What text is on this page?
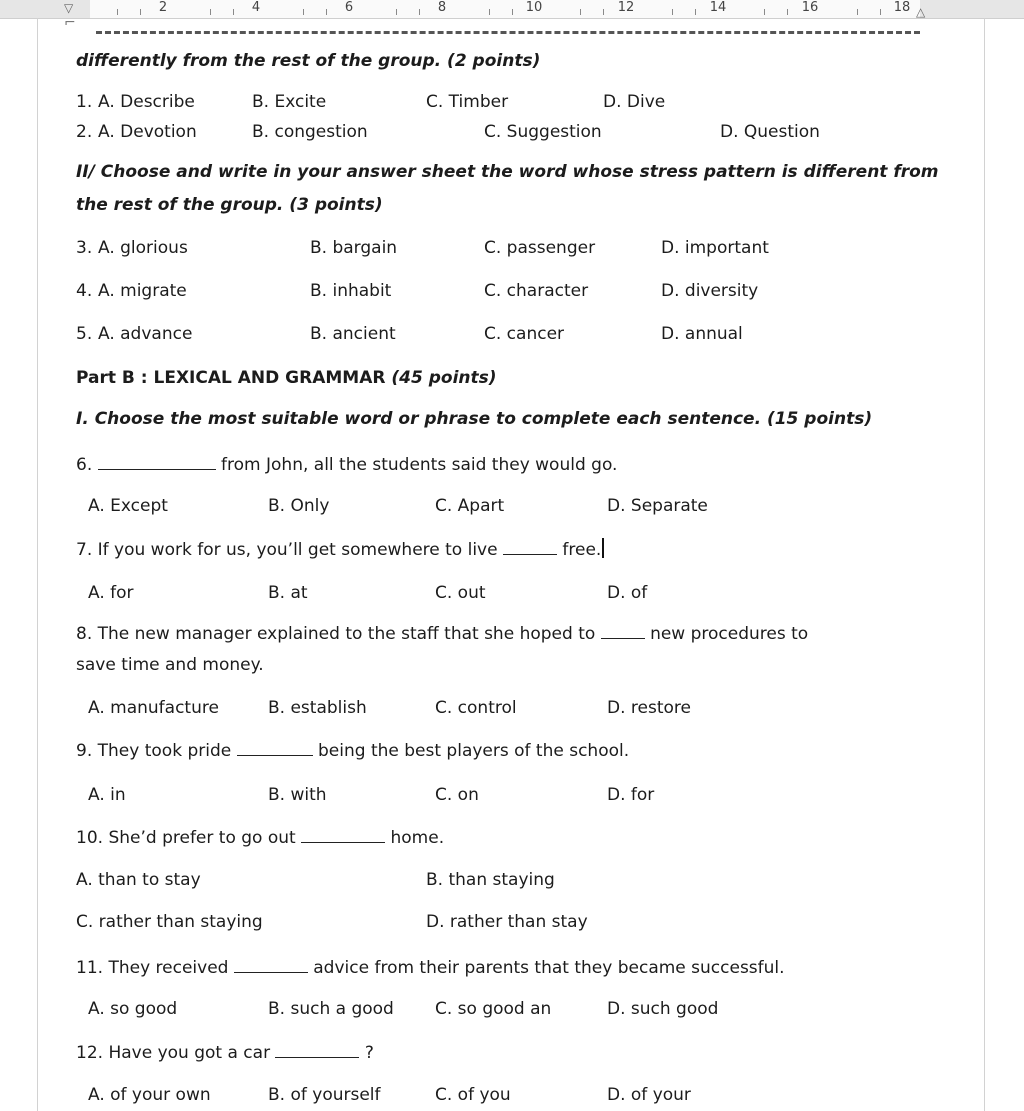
▽	△
2	4	6	8	10	12	14	16	18
⌐
differently from the rest of the group. (2 points)
1. A. Describe	B. Excite	C. Timber	D. Dive
2. A. Devotion	B. congestion	C. Suggestion	D. Question
II/ Choose and write in your answer sheet the word whose stress pattern is different from
the rest of the group. (3 points)
3. A. glorious	B. bargain	C. passenger	D. important
4. A. migrate	B. inhabit	C. character	D. diversity
5. A. advance	B. ancient	C. cancer	D. annual
Part B : LEXICAL AND GRAMMAR (45 points)
I. Choose the most suitable word or phrase to complete each sentence. (15 points)
6.	from John, all the students said they would go.
A. Except	B. Only	C. Apart	D. Separate
7. If you work for us, you’ll get somewhere to live	free.
A. for	B. at	C. out	D. of
8. The new manager explained to the staff that she hoped to	new procedures to
save time and money.
A. manufacture	B. establish	C. control	D. restore
9. They took pride	being the best players of the school.
A. in	B. with	C. on	D. for
10. She’d prefer to go out	home.
A. than to stay	B. than staying
C. rather than staying	D. rather than stay
11. They received	advice from their parents that they became successful.
A. so good	B. such a good C. so good an	D. such good
12. Have you got a car	?
A. of your own	B. of yourself	C. of you	D. of your
